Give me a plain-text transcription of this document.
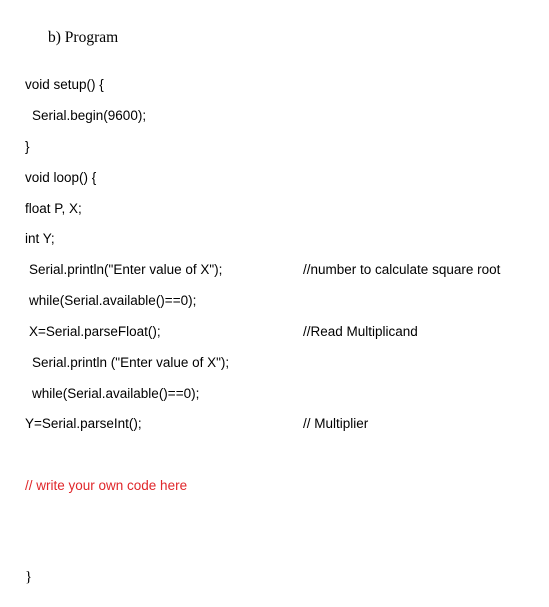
b) Program
void setup() {
Serial.begin(9600);
}
void loop() {
float P, X;
int Y;
Serial.println("Enter value of X");
while(Serial.available()==0);
X=Serial.parseFloat();
Serial.println ("Enter value of X");
while(Serial.available()==0);
Y=Serial.parseInt();
// write your own code here
}
//number to calculate square root
//Read Multiplicand
// Multiplier
